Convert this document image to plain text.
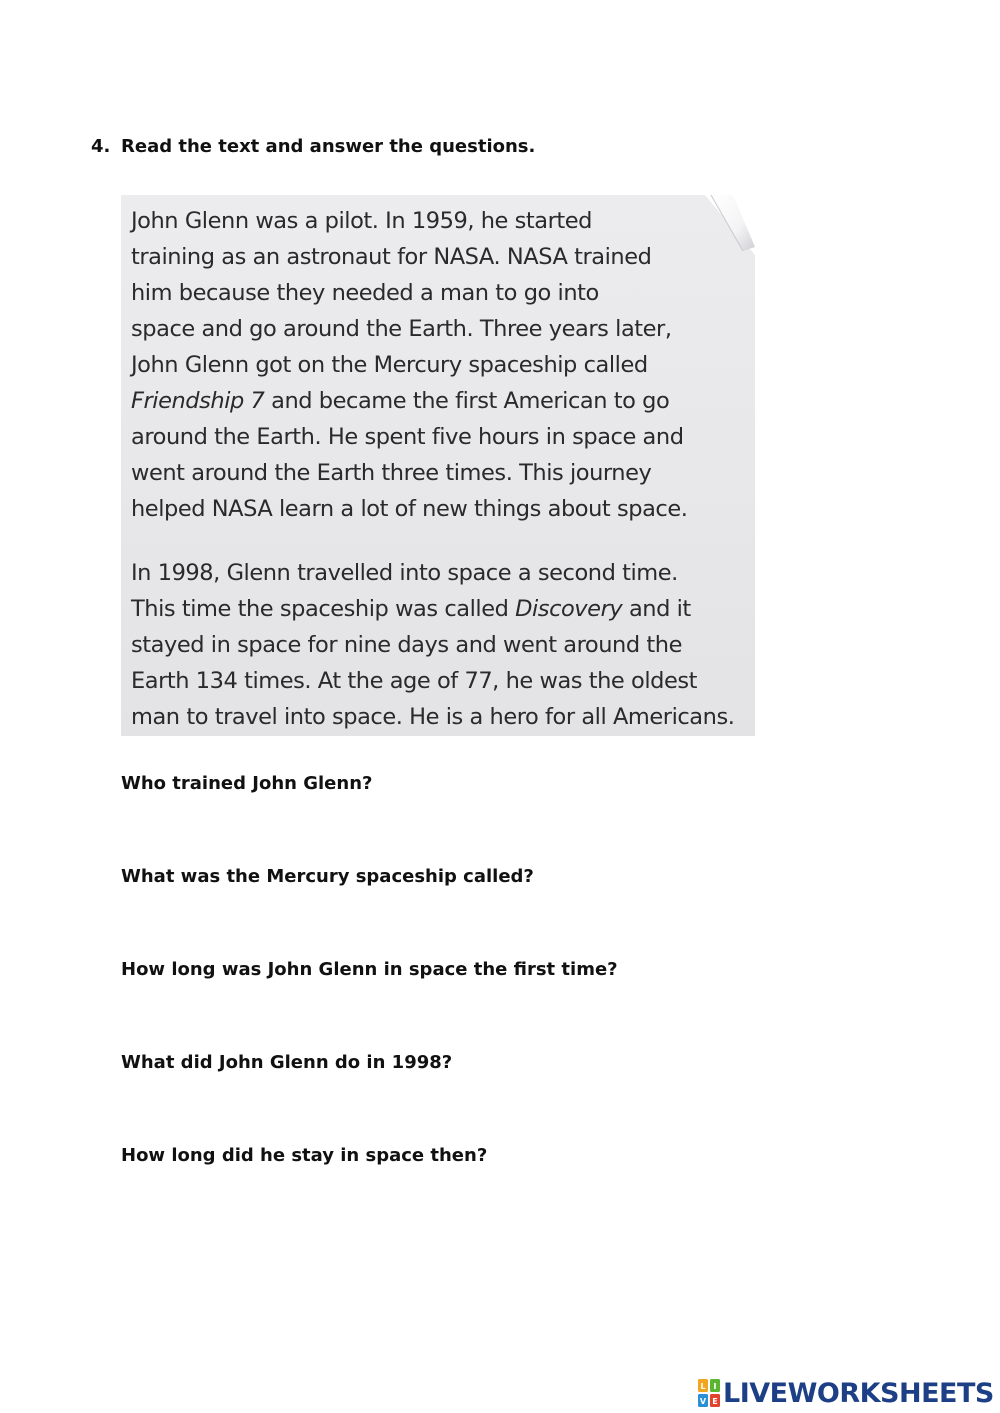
4. Read the text and answer the questions.

John Glenn was a pilot. In 1959, he started
training as an astronaut for NASA. NASA trained
him because they needed a man to go into
space and go around the Earth. Three years later,
John Glenn got on the Mercury spaceship called
Friendship 7 and became the first American to go
around the Earth. He spent five hours in space and
went around the Earth three times. This journey
helped NASA learn a lot of new things about space.

In 1998, Glenn travelled into space a second time.
This time the spaceship was called Discovery and it
stayed in space for nine days and went around the
Earth 134 times. At the age of 77, he was the oldest
man to travel into space. He is a hero for all Americans.

Who trained John Glenn?
What was the Mercury spaceship called?
How long was John Glenn in space the first time?
What did John Glenn do in 1998?
How long did he stay in space then?
L I
V E LIVEWORKSHEETS
